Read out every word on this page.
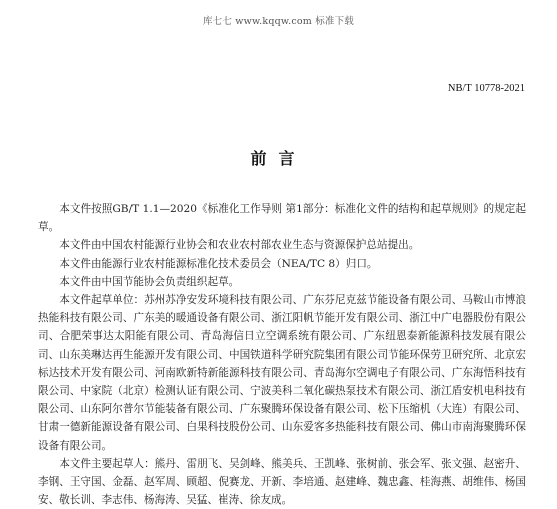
库七七 www.kqqw.com 标准下载
NB/T 10778-2021
前言

本文件按照GB/T 1.1—2020《标准化工作导则 第1部分：标准化文件的结构和起草规则》的规定起草。

本文件由中国农村能源行业协会和农业农村部农业生态与资源保护总站提出。

本文件由能源行业农村能源标准化技术委员会（NEA/TC 8）归口。

本文件由中国节能协会负责组织起草。

本文件起草单位：苏州苏净安发环境科技有限公司、广东芬尼克兹节能设备有限公司、马鞍山市博浪热能科技有限公司、广东美的暖通设备有限公司、浙江阳帆节能开发有限公司、浙江中广电器股份有限公司、合肥荣事达太阳能有限公司、青岛海信日立空调系统有限公司、广东纽恩泰新能源科技发展有限公司、山东美琳达再生能源开发有限公司、中国铁道科学研究院集团有限公司节能环保劳卫研究所、北京宏标达技术开发有限公司、河南欧新特新能源科技有限公司、青岛海尔空调电子有限公司、广东海悟科技有限公司、中家院（北京）检测认证有限公司、宁波美科二氧化碳热泵技术有限公司、浙江盾安机电科技有限公司、山东阿尔普尔节能装备有限公司、广东聚腾环保设备有限公司、松下压缩机（大连）有限公司、甘肃一德新能源设备有限公司、白果科技股份公司、山东爱客多热能科技有限公司、佛山市南海聚腾环保设备有限公司。

本文件主要起草人：熊丹、雷朋飞、吴剑峰、熊美兵、王凯峰、张树前、张会军、张文强、赵密升、李钢、王守国、金磊、赵军周、顾超、倪赛龙、开新、李培通、赵建峰、魏忠鑫、桂海燕、胡维伟、杨国安、敬长训、李志伟、杨海涛、吴猛、崔涛、徐友成。
